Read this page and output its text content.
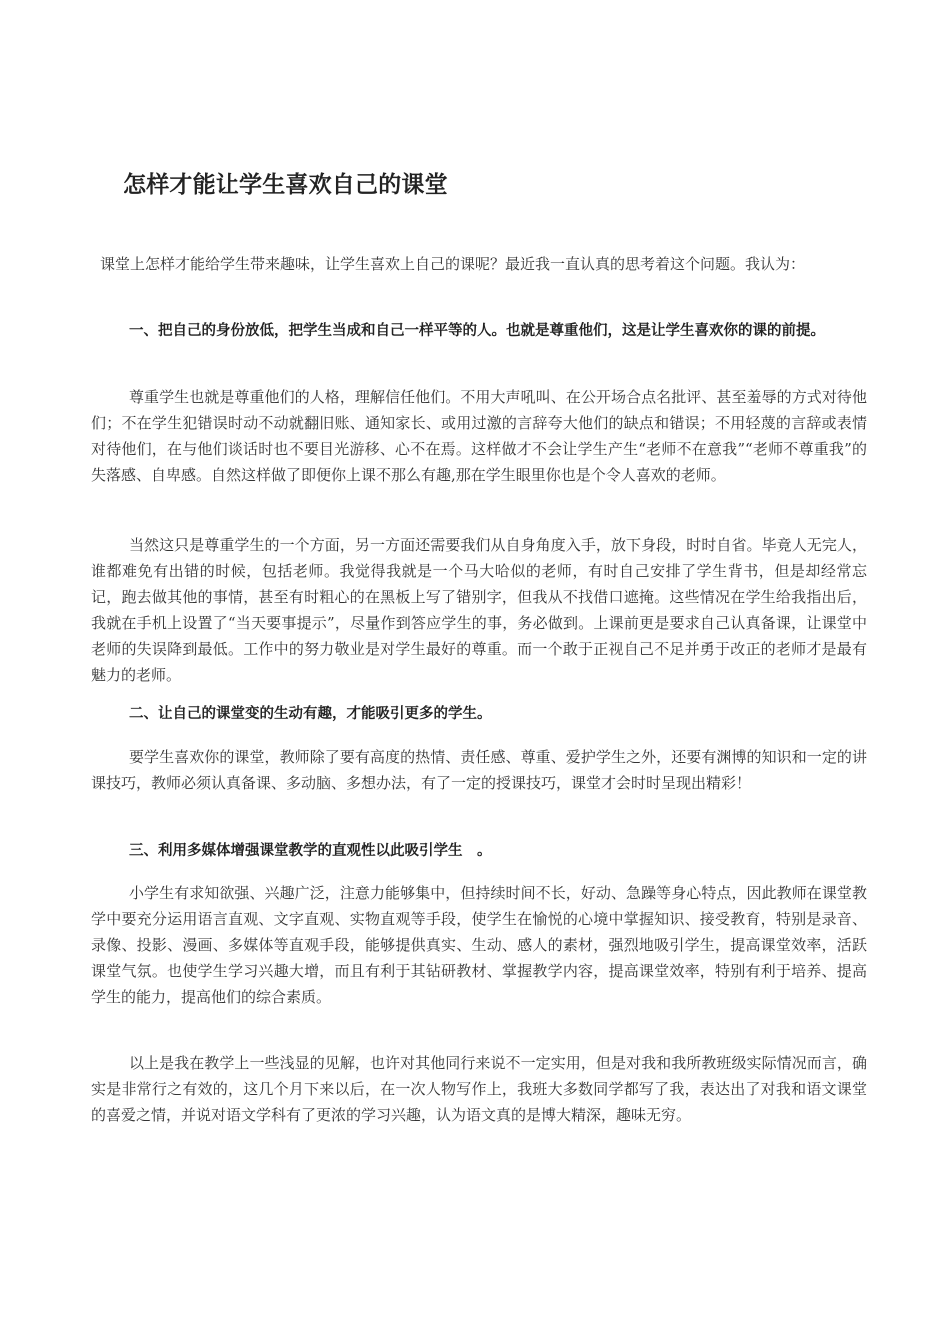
怎样才能让学生喜欢自己的课堂
课堂上怎样才能给学生带来趣味，让学生喜欢上自己的课呢？最近我一直认真的思考着这个问题。我认为：
一、把自己的身份放低，把学生当成和自己一样平等的人。也就是尊重他们，这是让学生喜欢你的课的前提。
尊重学生也就是尊重他们的人格，理解信任他们。不用大声吼叫、在公开场合点名批评、甚至羞辱的方式对待他们；不在学生犯错误时动不动就翻旧账、通知家长、或用过激的言辞夸大他们的缺点和错误；不用轻蔑的言辞或表情对待他们，在与他们谈话时也不要目光游移、心不在焉。这样做才不会让学生产生“老师不在意我”“老师不尊重我”的失落感、自卑感。自然这样做了即便你上课不那么有趣,那在学生眼里你也是个令人喜欢的老师。
当然这只是尊重学生的一个方面，另一方面还需要我们从自身角度入手，放下身段，时时自省。毕竟人无完人，谁都难免有出错的时候，包括老师。我觉得我就是一个马大哈似的老师，有时自己安排了学生背书，但是却经常忘记，跑去做其他的事情，甚至有时粗心的在黑板上写了错别字，但我从不找借口遮掩。这些情况在学生给我指出后，我就在手机上设置了“当天要事提示”，尽量作到答应学生的事，务必做到。上课前更是要求自己认真备课，让课堂中老师的失误降到最低。工作中的努力敬业是对学生最好的尊重。而一个敢于正视自己不足并勇于改正的老师才是最有魅力的老师。
二、让自己的课堂变的生动有趣，才能吸引更多的学生。
要学生喜欢你的课堂，教师除了要有高度的热情、责任感、尊重、爱护学生之外，还要有渊博的知识和一定的讲课技巧，教师必须认真备课、多动脑、多想办法，有了一定的授课技巧，课堂才会时时呈现出精彩！
三、利用多媒体增强课堂教学的直观性以此吸引学生　。
小学生有求知欲强、兴趣广泛，注意力能够集中，但持续时间不长，好动、急躁等身心特点，因此教师在课堂教学中要充分运用语言直观、文字直观、实物直观等手段，使学生在愉悦的心境中掌握知识、接受教育，特别是录音、录像、投影、漫画、多媒体等直观手段，能够提供真实、生动、感人的素材，强烈地吸引学生，提高课堂效率，活跃课堂气氛。也使学生学习兴趣大增，而且有利于其钻研教材、掌握教学内容，提高课堂效率，特别有利于培养、提高学生的能力，提高他们的综合素质。
以上是我在教学上一些浅显的见解，也许对其他同行来说不一定实用，但是对我和我所教班级实际情况而言，确实是非常行之有效的，这几个月下来以后，在一次人物写作上，我班大多数同学都写了我，表达出了对我和语文课堂的喜爱之情，并说对语文学科有了更浓的学习兴趣，认为语文真的是博大精深，趣味无穷。
